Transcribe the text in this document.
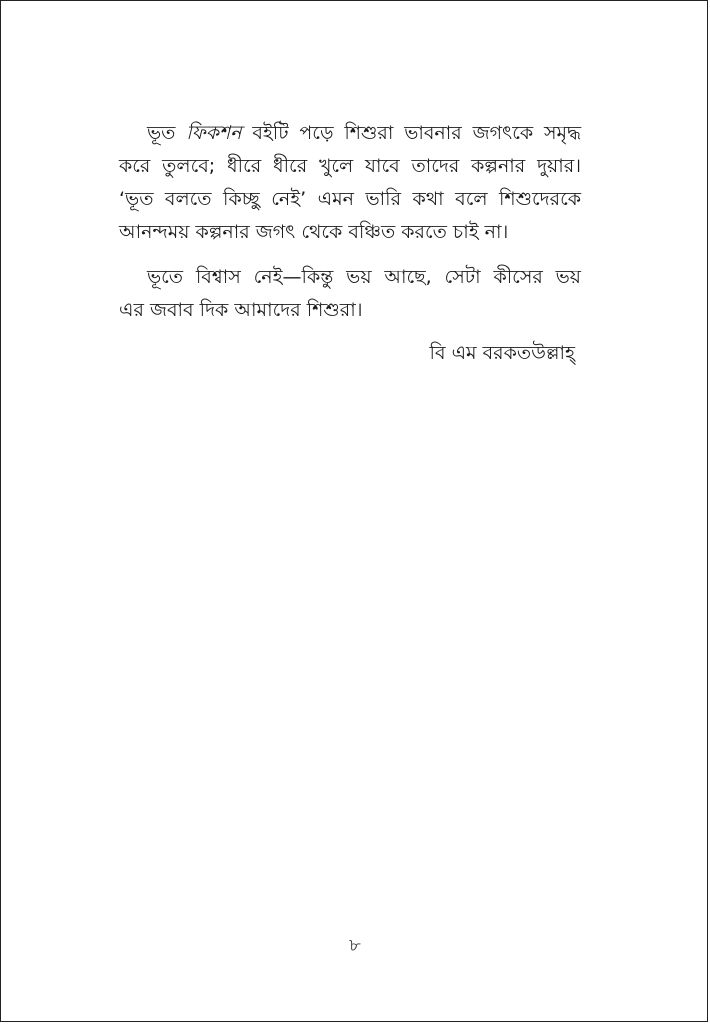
ভূত ফিকশন বইটি পড়ে শিশুরা ভাবনার জগৎকে সমৃদ্ধ
করে তুলবে; ধীরে ধীরে খুলে যাবে তাদের কল্পনার দুয়ার।
‘ভূত বলতে কিচ্ছু নেই’ এমন ভারি কথা বলে শিশুদেরকে
আনন্দময় কল্পনার জগৎ থেকে বঞ্চিত করতে চাই না।

ভূতে বিশ্বাস নেই—কিন্তু ভয় আছে, সেটা কীসের ভয়
এর জবাব দিক আমাদের শিশুরা।

বি এম বরকতউল্লাহ্
৮
